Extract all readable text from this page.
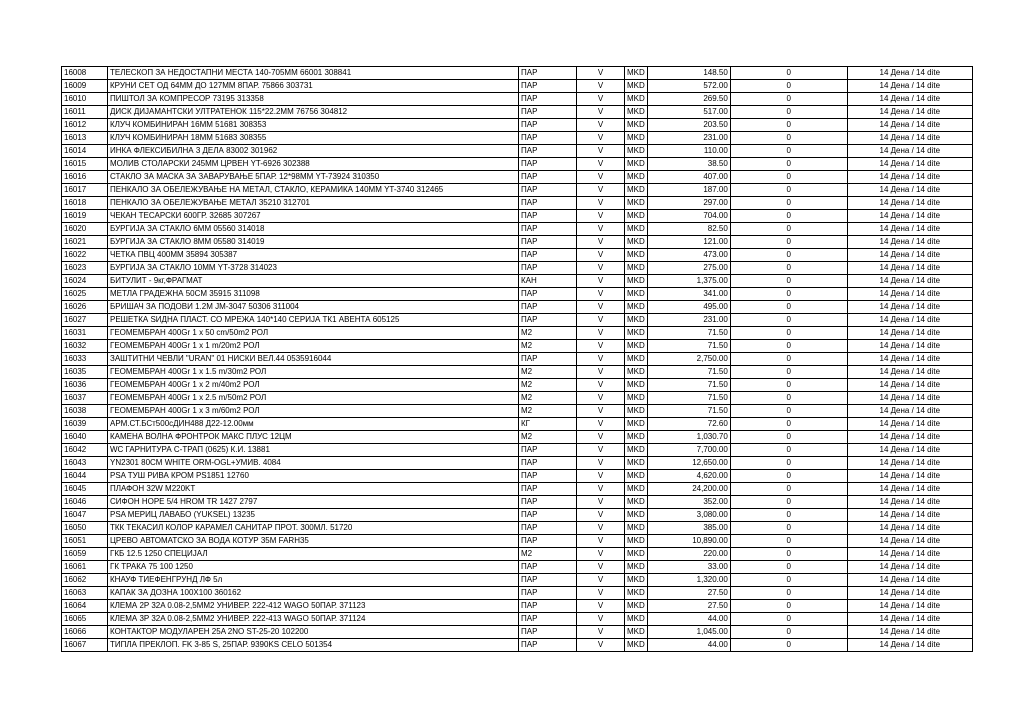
16008	ТЕЛЕСКОП ЗА НЕДОСТАПНИ МЕСТА 140-705ММ 66001 308841	ПАР	V	MKD	148.50	0	14 Дена / 14 dite
16009	КРУНИ СЕТ ОД 64ММ ДО 127ММ 8ПАР. 75866 303731	ПАР	V	MKD	572.00	0	14 Дена / 14 dite
16010	ПИШТОЛ ЗА КОМПРЕСОР 73195 313358	ПАР	V	MKD	269.50	0	14 Дена / 14 dite
16011	ДИСК ДИЈАМАНТСКИ УЛТРАТЕНОК 115*22.2ММ 76756 304812	ПАР	V	MKD	517.00	0	14 Дена / 14 dite
16012	КЛУЧ КОМБИНИРАН 16ММ 51681 308353	ПАР	V	MKD	203.50	0	14 Дена / 14 dite
16013	КЛУЧ КОМБИНИРАН 18ММ 51683 308355	ПАР	V	MKD	231.00	0	14 Дена / 14 dite
16014	ИНКА ФЛЕКСИБИЛНА 3 ДЕЛА 83002 301962	ПАР	V	MKD	110.00	0	14 Дена / 14 dite
16015	МОЛИВ СТОЛАРСКИ 245ММ ЦРВЕН YT-6926 302388	ПАР	V	MKD	38.50	0	14 Дена / 14 dite
16016	СТАКЛО ЗА МАСКА ЗА ЗАВАРУВАЊЕ 5ПАР. 12*98ММ YT-73924 310350	ПАР	V	MKD	407.00	0	14 Дена / 14 dite
16017	ПЕНКАЛО ЗА ОБЕЛЕЖУВАЊЕ НА МЕТАЛ, СТАКЛО, КЕРАМИКА 140ММ YT-3740 312465	ПАР	V	MKD	187.00	0	14 Дена / 14 dite
16018	ПЕНКАЛО ЗА ОБЕЛЕЖУВАЊЕ МЕТАЛ 35210 312701	ПАР	V	MKD	297.00	0	14 Дена / 14 dite
16019	ЧЕКАН ТЕСАРСКИ 600ГР. 32685 307267	ПАР	V	MKD	704.00	0	14 Дена / 14 dite
16020	БУРГИЈА ЗА СТАКЛО 6ММ 05560 314018	ПАР	V	MKD	82.50	0	14 Дена / 14 dite
16021	БУРГИЈА ЗА СТАКЛО 8ММ 05580 314019	ПАР	V	MKD	121.00	0	14 Дена / 14 dite
16022	ЧЕТКА ПВЦ 400ММ 35894 305387	ПАР	V	MKD	473.00	0	14 Дена / 14 dite
16023	БУРГИЈА ЗА СТАКЛО 10ММ YT-3728 314023	ПАР	V	MKD	275.00	0	14 Дена / 14 dite
16024	БИТУЛИТ - 9кг,ФРАГМАТ	КАН	V	MKD	1,375.00	0	14 Дена / 14 dite
16025	МЕТЛА ГРАДЕЖНА 50СМ 35915 311098	ПАР	V	MKD	341.00	0	14 Дена / 14 dite
16026	БРИШАЧ ЗА ПОДОВИ 1.2М JM-3047 50306 311004	ПАР	V	MKD	495.00	0	14 Дена / 14 dite
16027	РЕШЕТКА ЅИДНА ПЛАСТ. СО МРЕЖА 140*140 СЕРИЈА ТК1 АВЕНТА 605125	ПАР	V	MKD	231.00	0	14 Дена / 14 dite
16031	ГЕОМЕМБРАН 400Gr 1 x 50 cm/50m2 РОЛ	M2	V	MKD	71.50	0	14 Дена / 14 dite
16032	ГЕОМЕМБРАН 400Gr 1 x 1 m/20m2 РОЛ	M2	V	MKD	71.50	0	14 Дена / 14 dite
16033	ЗАШТИТНИ ЧЕВЛИ "URAN" 01 НИСКИ ВЕЛ.44 0535916044	ПАР	V	MKD	2,750.00	0	14 Дена / 14 dite
16035	ГЕОМЕМБРАН 400Gr 1 x 1.5 m/30m2 РОЛ	M2	V	MKD	71.50	0	14 Дена / 14 dite
16036	ГЕОМЕМБРАН 400Gr 1 x 2 m/40m2 РОЛ	M2	V	MKD	71.50	0	14 Дена / 14 dite
16037	ГЕОМЕМБРАН 400Gr 1 x 2.5 m/50m2 РОЛ	M2	V	MKD	71.50	0	14 Дена / 14 dite
16038	ГЕОМЕМБРАН 400Gr 1 x 3 m/60m2 РОЛ	M2	V	MKD	71.50	0	14 Дена / 14 dite
16039	АРМ.СТ.БСт500сДИН488 Д22-12.00мм	КГ	V	MKD	72.60	0	14 Дена / 14 dite
16040	КАМЕНА ВОЛНА ФРОНТРОК МАКС ПЛУС 12ЦМ	M2	V	MKD	1,030.70	0	14 Дена / 14 dite
16042	WC ГАРНИТУРА С-ТРАП (0625) К.И. 13881	ПАР	V	MKD	7,700.00	0	14 Дена / 14 dite
16043	YN2301 80CM WHITE ORM-OGL+УМИВ. 4084	ПАР	V	MKD	12,650.00	0	14 Дена / 14 dite
16044	PSA ТУШ РИВА КРОМ PS1851 12760	ПАР	V	MKD	4,620.00	0	14 Дена / 14 dite
16045	ПЛАФОН 32W M220KT	ПАР	V	MKD	24,200.00	0	14 Дена / 14 dite
16046	СИФОН HOPE 5/4 HROM TR 1427 2797	ПАР	V	MKD	352.00	0	14 Дена / 14 dite
16047	PSA МЕРИЦ ЛАВАБО (YUKSEL) 13235	ПАР	V	MKD	3,080.00	0	14 Дена / 14 dite
16050	ТКК ТЕКАСИЛ КОЛОР КАРАМЕЛ САНИТАР ПРОТ. 300МЛ. 51720	ПАР	V	MKD	385.00	0	14 Дена / 14 dite
16051	ЦРЕВО АВТОМАТСКО ЗА ВОДА КОТУР 35M FARH35	ПАР	V	MKD	10,890.00	0	14 Дена / 14 dite
16059	ГКБ 12.5 1250 СПЕЦИЈАЛ	M2	V	MKD	220.00	0	14 Дена / 14 dite
16061	ГК ТРАКА 75 100 1250	ПАР	V	MKD	33.00	0	14 Дена / 14 dite
16062	КНАУФ ТИЕФЕНГРУНД ЛФ 5л	ПАР	V	MKD	1,320.00	0	14 Дена / 14 dite
16063	КАПАК ЗА ДОЗНА 100Х100 360162	ПАР	V	MKD	27.50	0	14 Дена / 14 dite
16064	КЛЕМА 2P 32A 0.08-2,5ММ2 УНИВЕР. 222-412 WAGO 50ПАР. 371123	ПАР	V	MKD	27.50	0	14 Дена / 14 dite
16065	КЛЕМА 3P 32A 0.08-2,5ММ2 УНИВЕР. 222-413 WAGO 50ПАР. 371124	ПАР	V	MKD	44.00	0	14 Дена / 14 dite
16066	КОНТАКТОР МОДУЛАРЕН 25A 2NO ST-25-20 102200	ПАР	V	MKD	1,045.00	0	14 Дена / 14 dite
16067	ТИПЛА ПРЕКЛОП. FK 3-85 S, 25ПАР. 9390KS CELO 501354	ПАР	V	MKD	44.00	0	14 Дена / 14 dite
